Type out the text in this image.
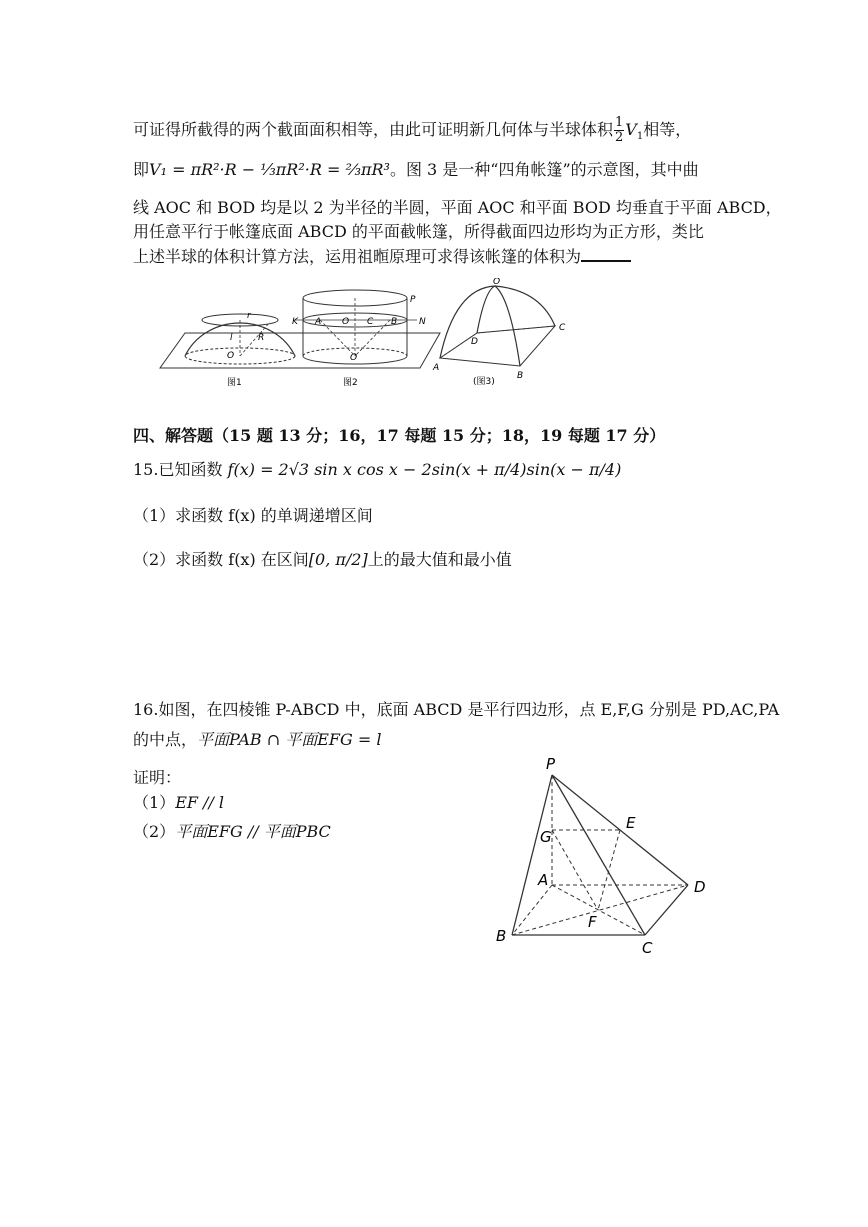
可证得所截得的两个截面面积相等，由此可证明新几何体与半球体积 $\frac{1}{2} V_1$相等，
即V₁ = πR²·R − ⅓πR²·R = ⅔πR³。图 3 是一种“四角帐篷”的示意图，其中曲
线 AOC 和 BOD 均是以 2 为半径的半圆，平面 AOC 和平面 BOD 均垂直于平面 ABCD，
用任意平行于帐篷底面 ABCD 的平面截帐篷，所得截面四边形均为正方形，类比
上述半球的体积计算方法，运用祖暅原理可求得该帐篷的体积为
r
l	R
O
K A O C B
P
N
O
O
D
C
A
B
图1	图2	(图3)
四、解答题（15 题 13 分；16，17 每题 15 分；18，19 每题 17 分）
15.已知函数 f(x) = 2√3 sin x cos x − 2sin(x + π/4)sin(x − π/4)
（1）求函数 f(x) 的单调递增区间
（2）求函数 f(x) 在区间[0, π/2]上的最大值和最小值
16.如图，在四棱锥 P-ABCD 中，底面 ABCD 是平行四边形，点 E,F,G 分别是 PD,AC,PA
的中点，平面PAB ∩ 平面EFG = l
证明：
（1）EF // l
（2）平面EFG // 平面PBC
P
E
G
A	D
F
B
C
